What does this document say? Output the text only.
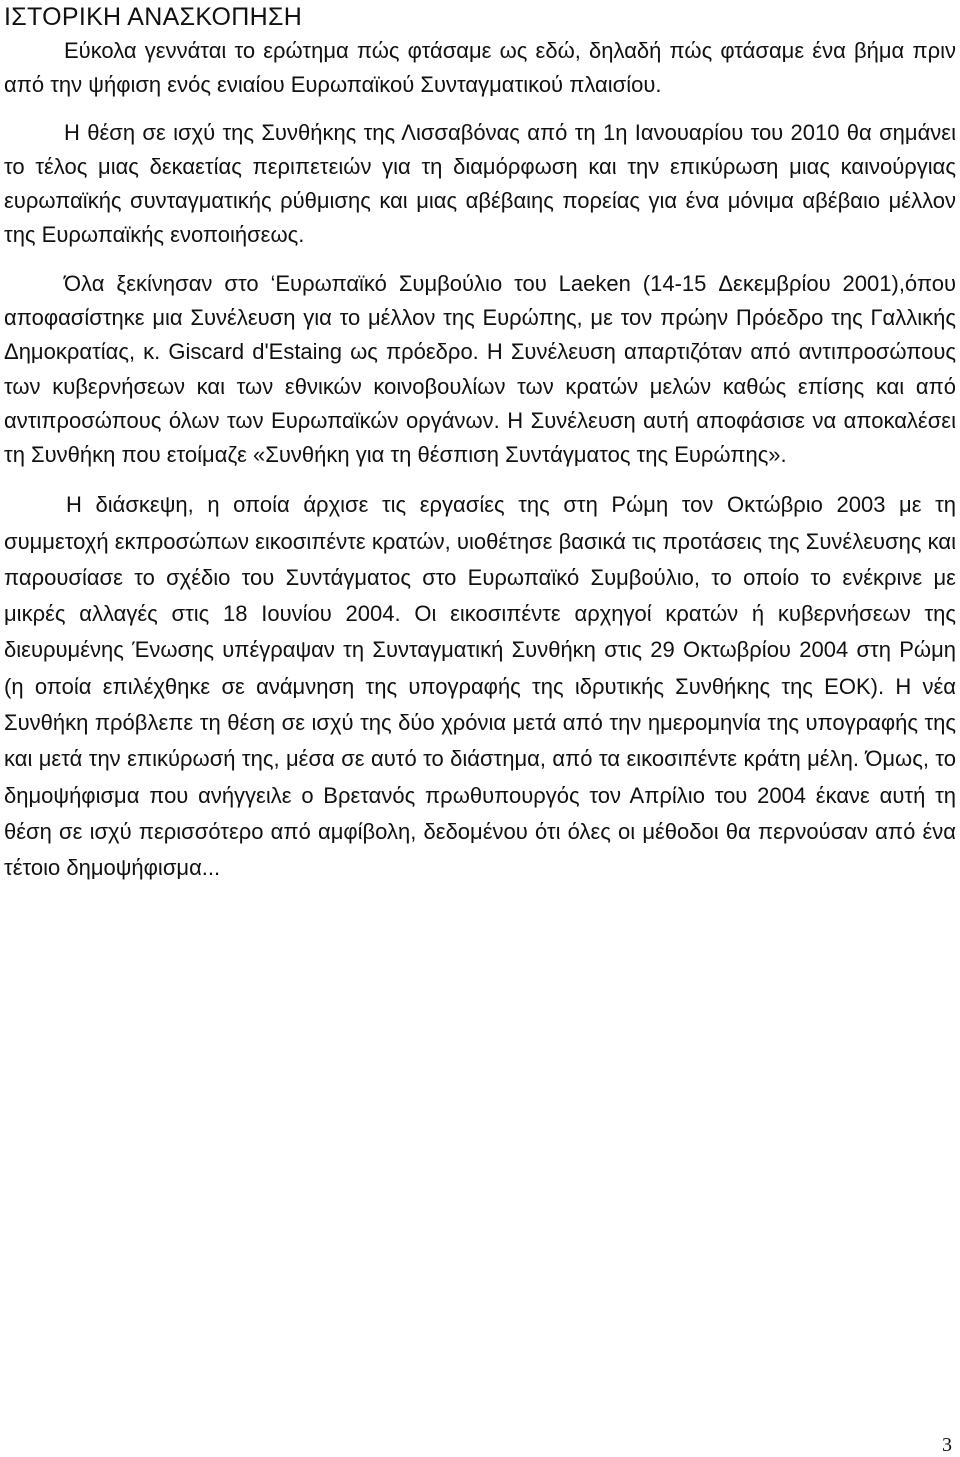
ΙΣΤΟΡΙΚΗ ΑΝΑΣΚΟΠΗΣΗ

Εύκολα γεννάται το ερώτημα πώς φτάσαμε ως εδώ, δηλαδή πώς φτάσαμε ένα βήμα πριν από την ψήφιση ενός ενιαίου Ευρωπαϊκού Συνταγματικού πλαισίου.

Η θέση σε ισχύ της Συνθήκης της Λισσαβόνας από τη 1η Ιανουαρίου του 2010 θα σημάνει το τέλος μιας δεκαετίας περιπετειών για τη διαμόρφωση και την επικύρωση μιας καινούργιας ευρωπαϊκής συνταγματικής ρύθμισης και μιας αβέβαιης πορείας για ένα μόνιμα αβέβαιο μέλλον της Ευρωπαϊκής ενοποιήσεως.

Όλα ξεκίνησαν στο ‘Ευρωπαϊκό Συμβούλιο του Laeken (14-15 Δεκεμβρίου 2001),όπου αποφασίστηκε μια Συνέλευση για το μέλλον της Ευρώπης, με τον πρώην Πρόεδρο της Γαλλικής Δημοκρατίας, κ. Giscard d'Estaing ως πρόεδρο. Η Συνέλευση απαρτιζόταν από αντιπροσώπους των κυβερνήσεων και των εθνικών κοινοβουλίων των κρατών μελών καθώς επίσης και από αντιπροσώπους όλων των Ευρωπαϊκών οργάνων. Η Συνέλευση αυτή αποφάσισε να αποκαλέσει τη Συνθήκη που ετοίμαζε «Συνθήκη για τη θέσπιση Συντάγματος της Ευρώπης».

Η διάσκεψη, η οποία άρχισε τις εργασίες της στη Ρώμη τον Οκτώβριο 2003 με τη συμμετοχή εκπροσώπων εικοσιπέντε κρατών, υιοθέτησε βασικά τις προτάσεις της Συνέλευσης και παρουσίασε το σχέδιο του Συντάγματος στο Ευρωπαϊκό Συμβούλιο, το οποίο το ενέκρινε με μικρές αλλαγές στις 18 Ιουνίου 2004. Οι εικοσιπέντε αρχηγοί κρατών ή κυβερνήσεων της διευρυμένης Ένωσης υπέγραψαν τη Συνταγματική Συνθήκη στις 29 Οκτωβρίου 2004 στη Ρώμη (η οποία επιλέχθηκε σε ανάμνηση της υπογραφής της ιδρυτικής Συνθήκης της ΕΟΚ). Η νέα Συνθήκη πρόβλεπε τη θέση σε ισχύ της δύο χρόνια μετά από την ημερομηνία της υπογραφής της και μετά την επικύρωσή της, μέσα σε αυτό το διάστημα, από τα εικοσιπέντε κράτη μέλη. Όμως, το δημοψήφισμα που ανήγγειλε ο Βρετανός πρωθυπουργός τον Απρίλιο του 2004 έκανε αυτή τη θέση σε ισχύ περισσότερο από αμφίβολη, δεδομένου ότι όλες οι μέθοδοι θα περνούσαν από ένα τέτοιο δημοψήφισμα...

3
